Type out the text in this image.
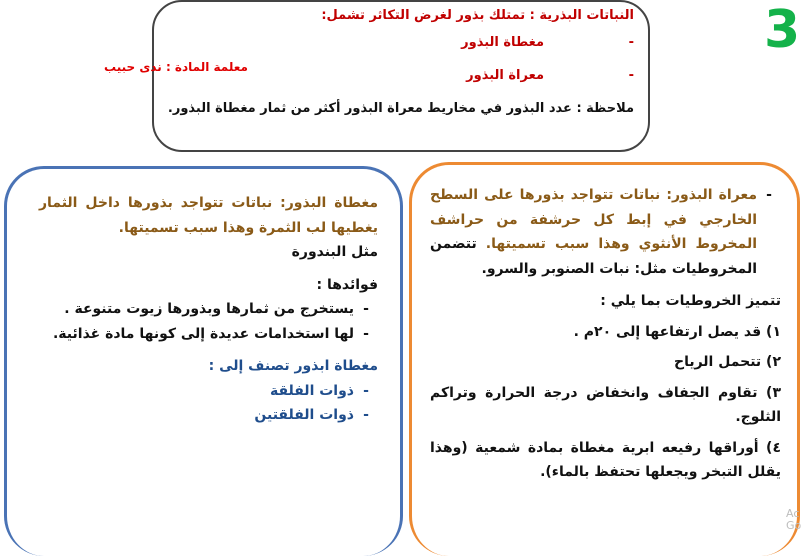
3

النباتات البذرية : تمتلك بذور لغرض التكاثر تشمل:

معلمة المادة : ندى حبيب

-مغطاة البذور

-معراة البذور

ملاحظة : عدد البذور في مخاريط معراة البذور أكثر من ثمار مغطاة البذور.

-

معراة البذور: نباتات تتواجد بذورها على السطح الخارجي في إبط كل حرشفة من حراشف المخروط الأنثوي وهذا سبب تسميتها. تتضمن المخروطيات مثل: نبات الصنوبر والسرو.

تتميز الخروطيات بما يلي :

١) قد يصل ارتفاعها إلى ٢٠م .

٢) تتحمل الرياح

٣) تقاوم الجفاف وانخفاض درجة الحرارة وتراكم الثلوج.

٤) أوراقها رفيعه ابرية مغطاة بمادة شمعية (وهذا يقلل التبخر ويجعلها تحتفظ بالماء).

مغطاة البذور: نباتات تتواجد بذورها داخل الثمار يغطيها لب الثمرة وهذا سبب تسميتها.

مثل البندورة

فوائدها :

-
يستخرج من ثمارها وبذورها زيوت متنوعة .
-
لها استخدامات عديدة إلى كونها مادة غذائية.

مغطاة ابذور تصنف إلى :

-
ذوات الفلقة
-
ذوات الفلقتين
Ac
Go
